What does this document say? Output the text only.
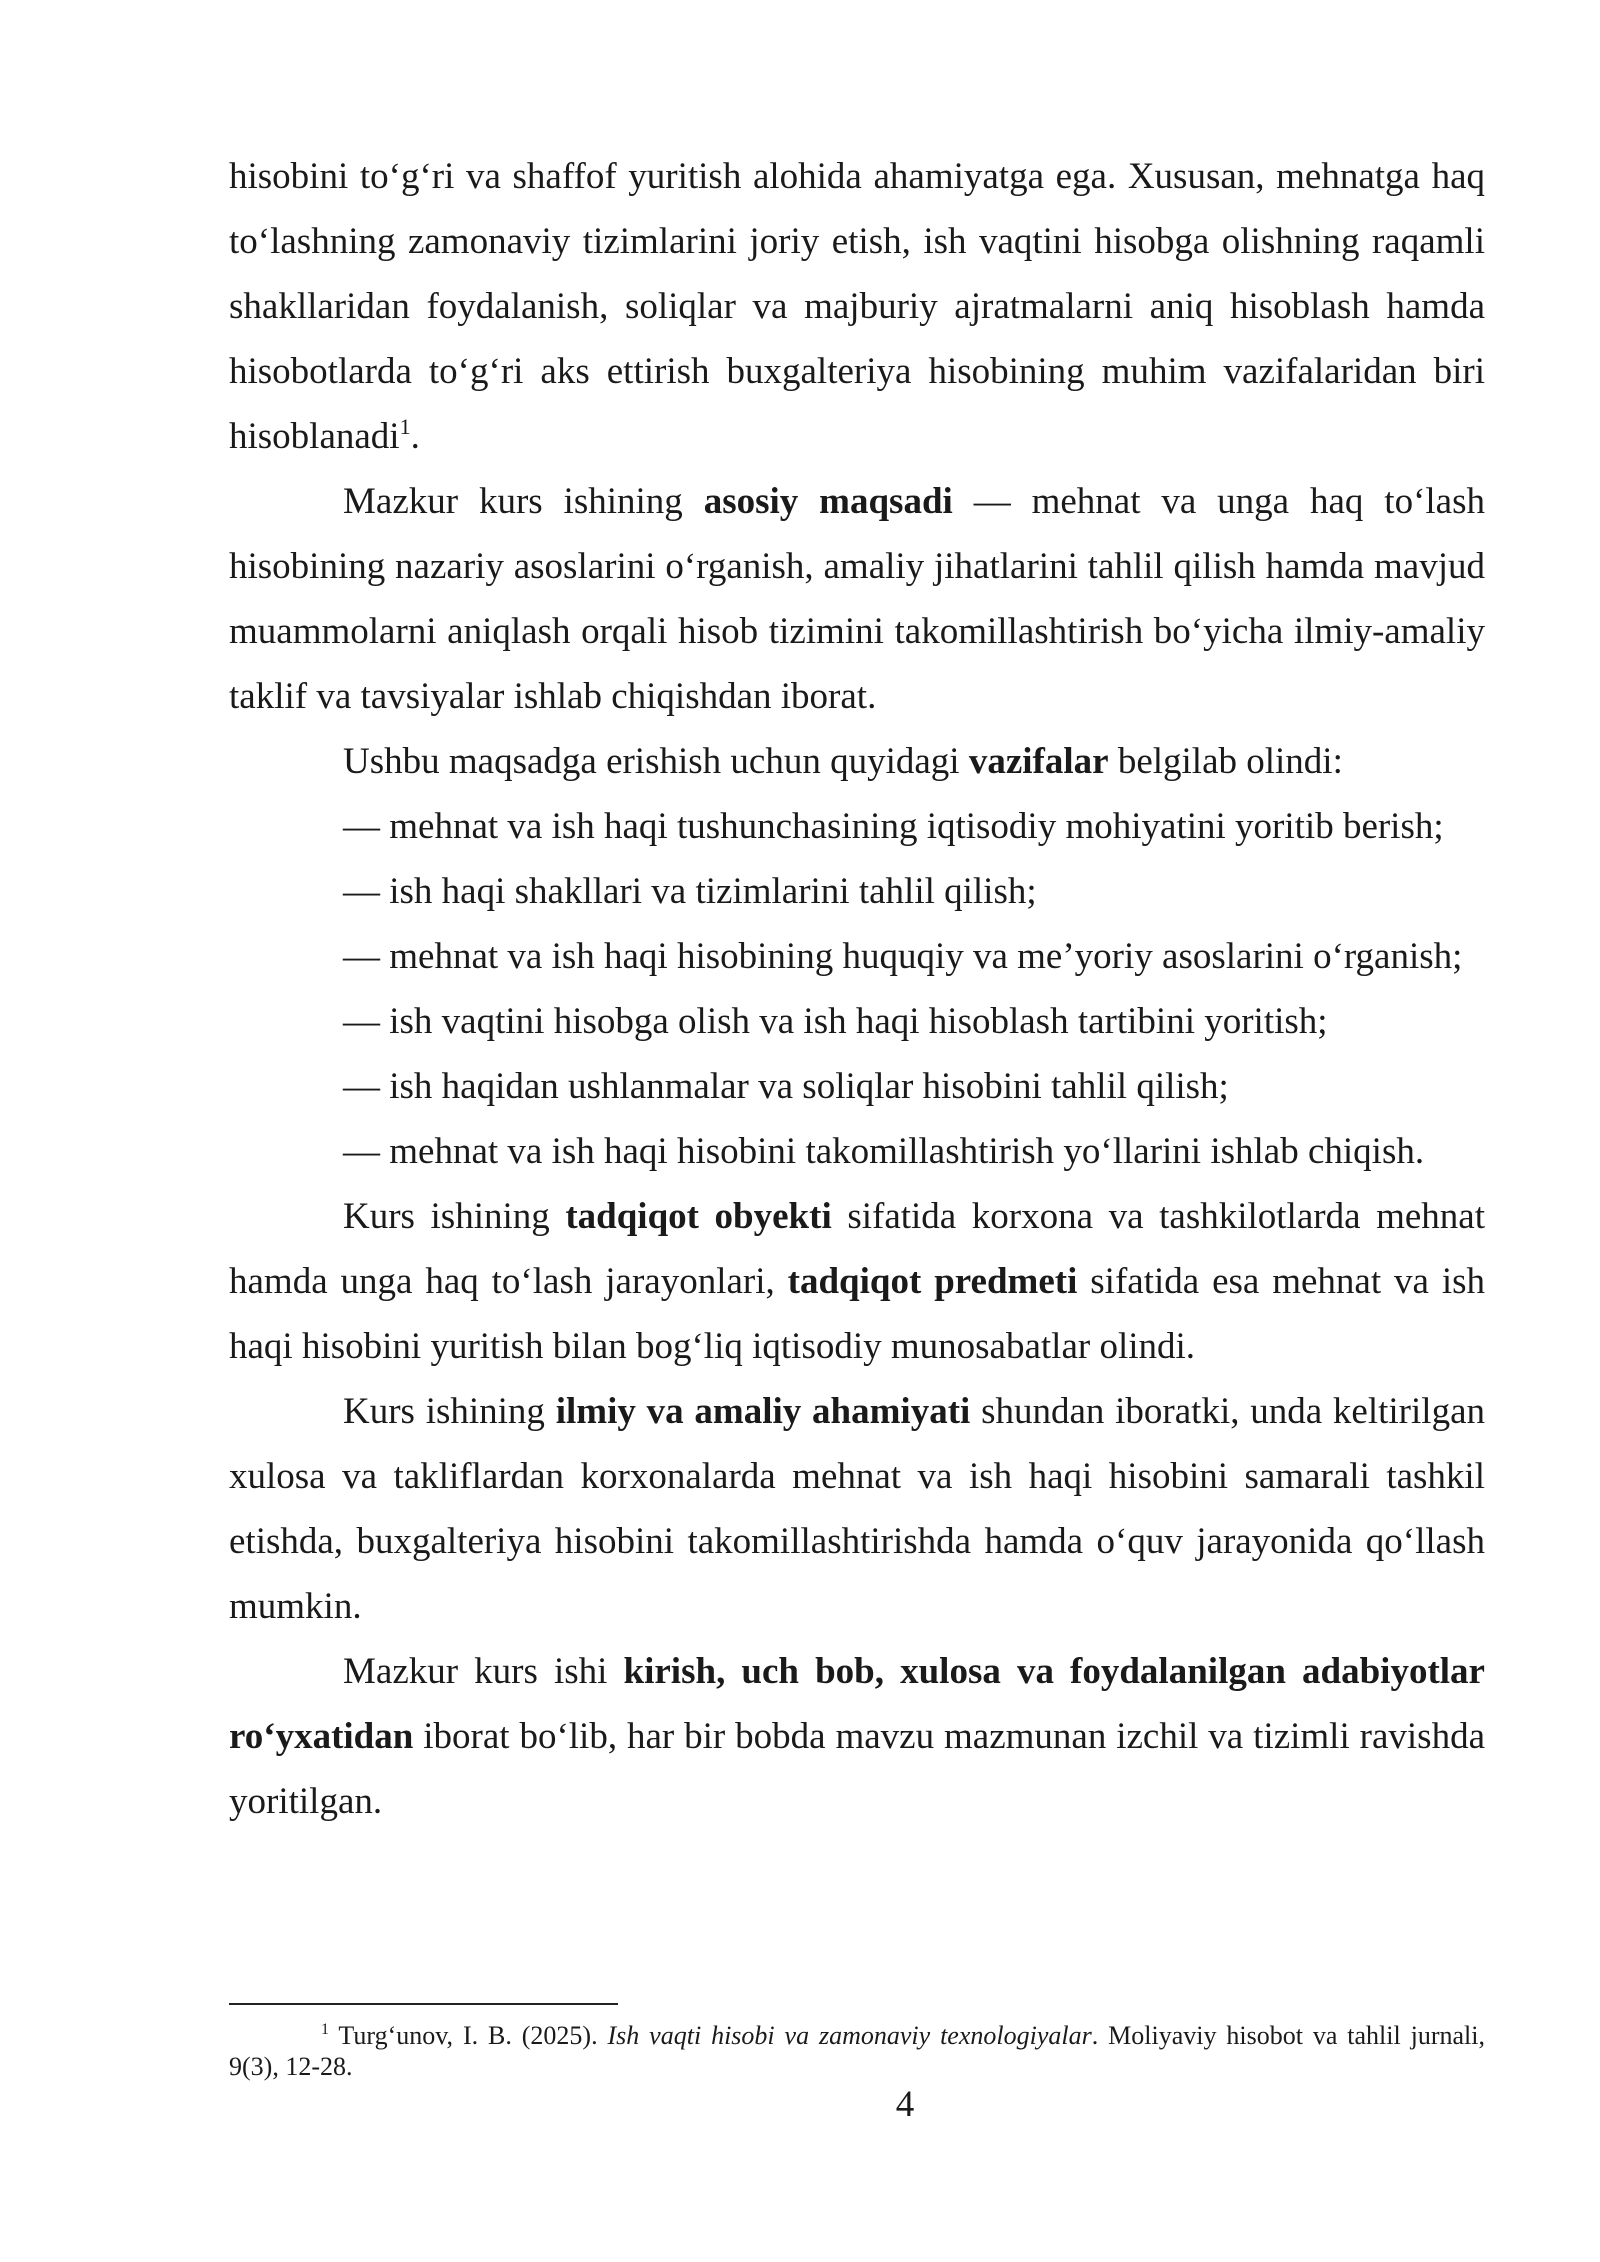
hisobini to‘g‘ri va shaffof yuritish alohida ahamiyatga ega. Xususan, mehnatga haq to‘lashning zamonaviy tizimlarini joriy etish, ish vaqtini hisobga olishning raqamli shakllaridan foydalanish, soliqlar va majburiy ajratmalarni aniq hisoblash hamda hisobotlarda to‘g‘ri aks ettirish buxgalteriya hisobining muhim vazifalaridan biri hisoblanadi$^1$.

Mazkur kurs ishining asosiy maqsadi — mehnat va unga haq to‘lash hisobining nazariy asoslarini o‘rganish, amaliy jihatlarini tahlil qilish hamda mavjud muammolarni aniqlash orqali hisob tizimini takomillashtirish bo‘yicha ilmiy-amaliy taklif va tavsiyalar ishlab chiqishdan iborat.

Ushbu maqsadga erishish uchun quyidagi vazifalar belgilab olindi:

— mehnat va ish haqi tushunchasining iqtisodiy mohiyatini yoritib berish;

— ish haqi shakllari va tizimlarini tahlil qilish;

— mehnat va ish haqi hisobining huquqiy va me’yoriy asoslarini o‘rganish;

— ish vaqtini hisobga olish va ish haqi hisoblash tartibini yoritish;

— ish haqidan ushlanmalar va soliqlar hisobini tahlil qilish;

— mehnat va ish haqi hisobini takomillashtirish yo‘llarini ishlab chiqish.

Kurs ishining tadqiqot obyekti sifatida korxona va tashkilotlarda mehnat hamda unga haq to‘lash jarayonlari, tadqiqot predmeti sifatida esa mehnat va ish haqi hisobini yuritish bilan bog‘liq iqtisodiy munosabatlar olindi.

Kurs ishining ilmiy va amaliy ahamiyati shundan iboratki, unda keltirilgan xulosa va takliflardan korxonalarda mehnat va ish haqi hisobini samarali tashkil etishda, buxgalteriya hisobini takomillashtirishda hamda o‘quv jarayonida qo‘llash mumkin.

Mazkur kurs ishi kirish, uch bob, xulosa va foydalanilgan adabiyotlar ro‘yxatidan iborat bo‘lib, har bir bobda mavzu mazmunan izchil va tizimli ravishda yoritilgan.

$^1$ Turg‘unov, I. B. (2025). Ish vaqti hisobi va zamonaviy texnologiyalar. Moliyaviy hisobot va tahlil jurnali, 9(3), 12-28.
4
